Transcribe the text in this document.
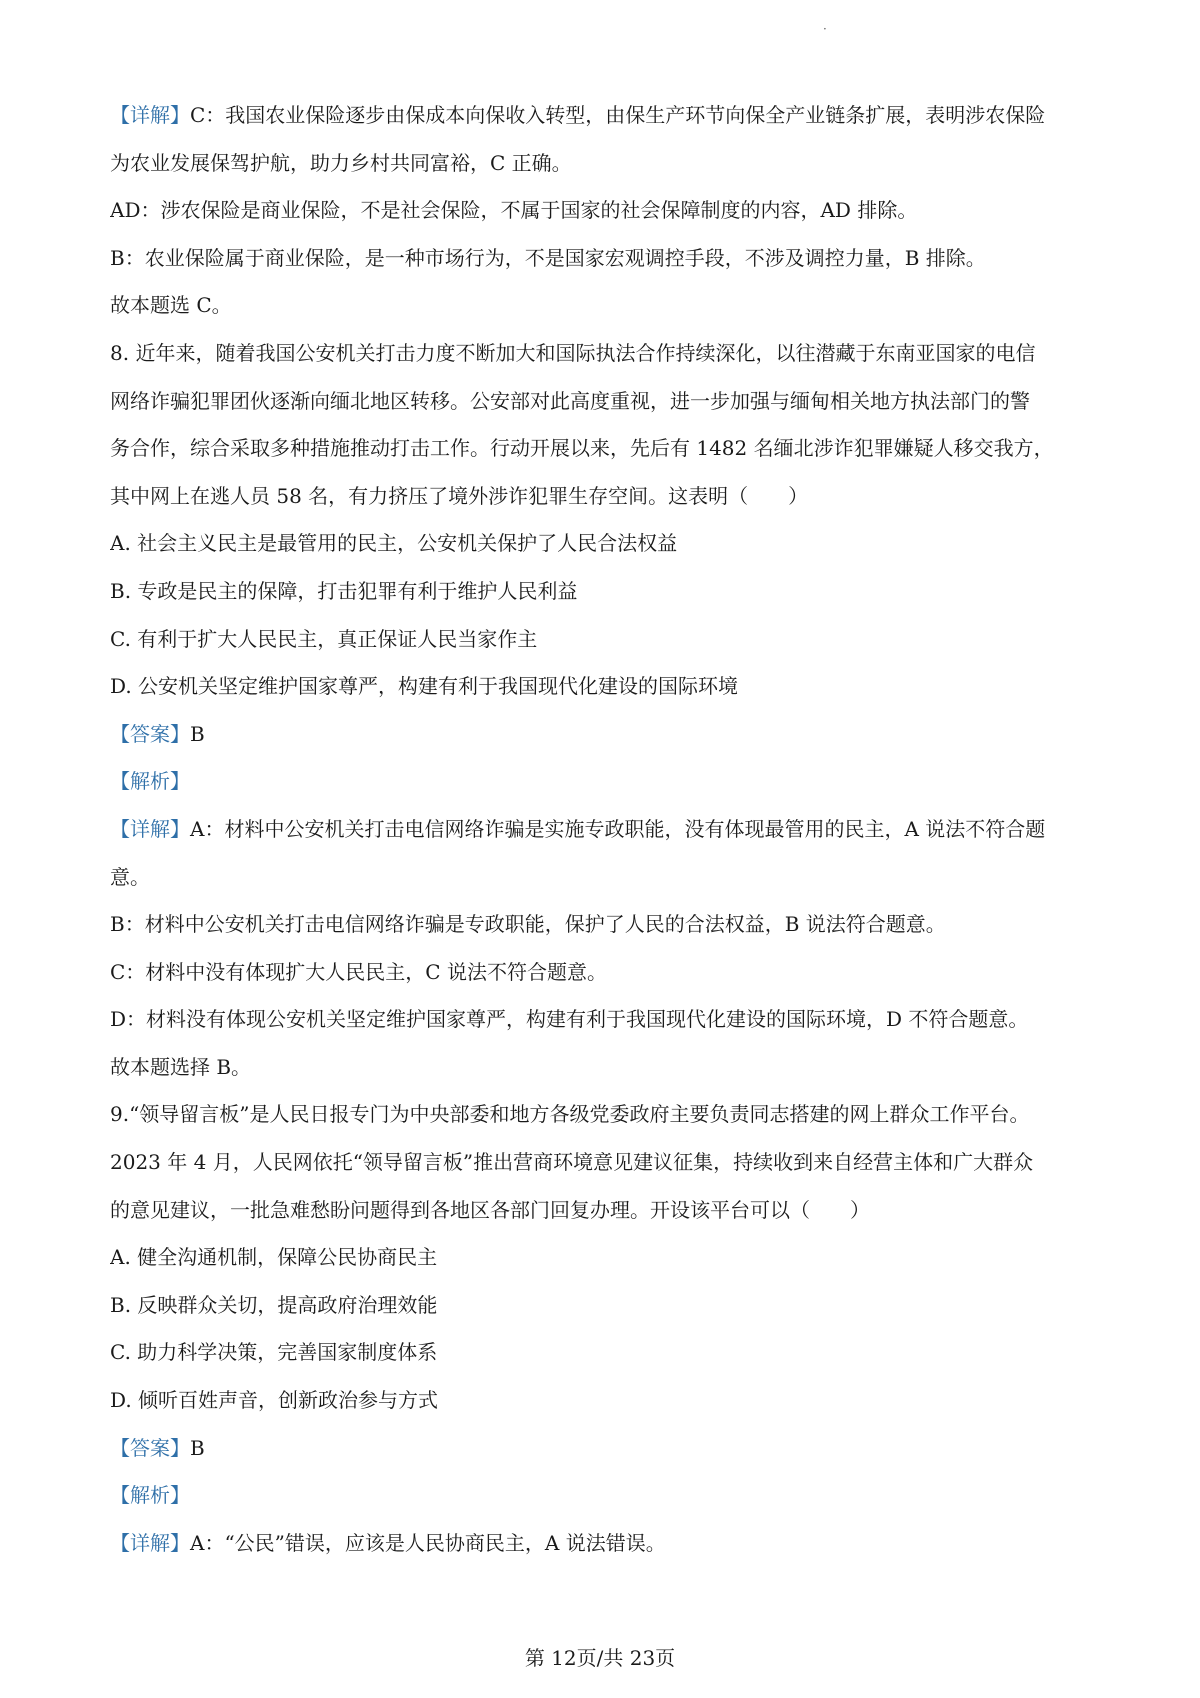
·
【详解】C：我国农业保险逐步由保成本向保收入转型，由保生产环节向保全产业链条扩展，表明涉农保险
为农业发展保驾护航，助力乡村共同富裕，C 正确。
AD：涉农保险是商业保险，不是社会保险，不属于国家的社会保障制度的内容，AD 排除。
B：农业保险属于商业保险，是一种市场行为，不是国家宏观调控手段，不涉及调控力量，B 排除。
故本题选 C。
8. 近年来，随着我国公安机关打击力度不断加大和国际执法合作持续深化，以往潜藏于东南亚国家的电信
网络诈骗犯罪团伙逐渐向缅北地区转移。公安部对此高度重视，进一步加强与缅甸相关地方执法部门的警
务合作，综合采取多种措施推动打击工作。行动开展以来，先后有 1482 名缅北涉诈犯罪嫌疑人移交我方，
其中网上在逃人员 58 名，有力挤压了境外涉诈犯罪生存空间。这表明（　　）
A. 社会主义民主是最管用的民主，公安机关保护了人民合法权益
B. 专政是民主的保障，打击犯罪有利于维护人民利益
C. 有利于扩大人民民主，真正保证人民当家作主
D. 公安机关坚定维护国家尊严，构建有利于我国现代化建设的国际环境
【答案】B
【解析】
【详解】A：材料中公安机关打击电信网络诈骗是实施专政职能，没有体现最管用的民主，A 说法不符合题
意。
B：材料中公安机关打击电信网络诈骗是专政职能，保护了人民的合法权益，B 说法符合题意。
C：材料中没有体现扩大人民民主，C 说法不符合题意。
D：材料没有体现公安机关坚定维护国家尊严，构建有利于我国现代化建设的国际环境，D 不符合题意。
故本题选择 B。
9.“领导留言板”是人民日报专门为中央部委和地方各级党委政府主要负责同志搭建的网上群众工作平台。
2023 年 4 月，人民网依托“领导留言板”推出营商环境意见建议征集，持续收到来自经营主体和广大群众
的意见建议，一批急难愁盼问题得到各地区各部门回复办理。开设该平台可以（　　）
A. 健全沟通机制，保障公民协商民主
B. 反映群众关切，提高政府治理效能
C. 助力科学决策，完善国家制度体系
D. 倾听百姓声音，创新政治参与方式
【答案】B
【解析】
【详解】A：“公民”错误，应该是人民协商民主，A 说法错误。
第 12页/共 23页
